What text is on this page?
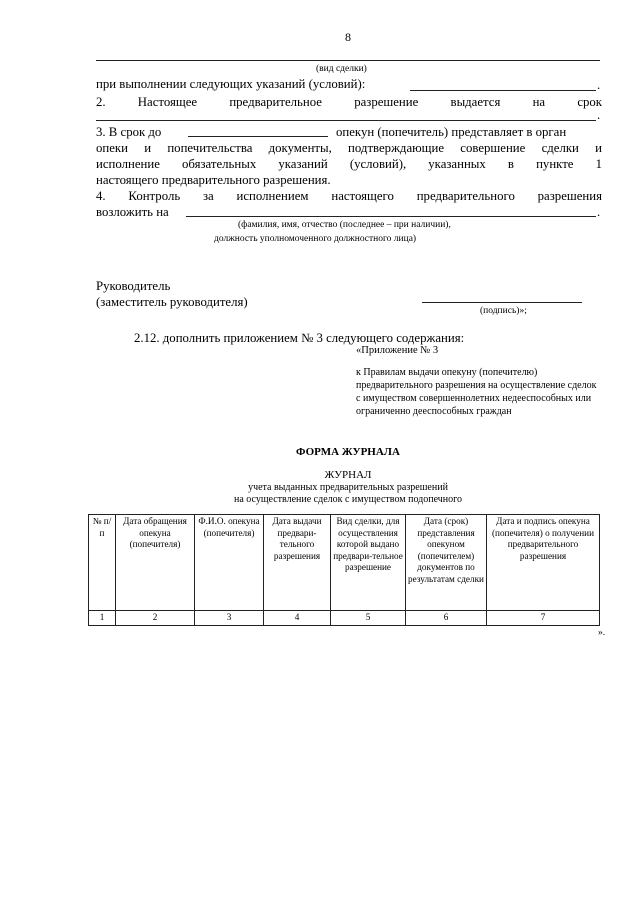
8
(вид сделки)
при выполнении следующих указаний (условий):	.
2. Настоящее	предварительное	разрешение	выдается	на	срок
.
3. В срок до	опекун (попечитель) представляет в орган
опеки и попечительства документы, подтверждающие совершение сделки и
исполнение обязательных указаний (условий), указанных в пункте 1
настоящего предварительного разрешения.
4. Контроль за исполнением настоящего предварительного разрешения
возложить на	.
(фамилия, имя, отчество (последнее – при наличии),
должность уполномоченного должностного лица)
Руководитель
(заместитель руководителя)
(подпись)»;
2.12. дополнить приложением № 3 следующего содержания:
«Приложение № 3
к Правилам выдачи опекуну (попечителю) предварительного разрешения на осуществление сделок с имуществом совершеннолетних недееспособных или ограниченно дееспособных граждан
ФОРМА ЖУРНАЛА
ЖУРНАЛ
учета выданных предварительных разрешений
на осуществление сделок с имуществом подопечного
№ п/п	Дата обращения опекуна (попечителя)	Ф.И.О. опекуна (попечителя)	Дата выдачи предвари-тельного разрешения	Вид сделки, для осуществления которой выдано предвари-тельное разрешение	Дата (срок) представления опекуном (попечителем) документов по результатам сделки	Дата и подпись опекуна (попечителя) о получении предварительного разрешения
1	2	3	4	5	6	7
».
